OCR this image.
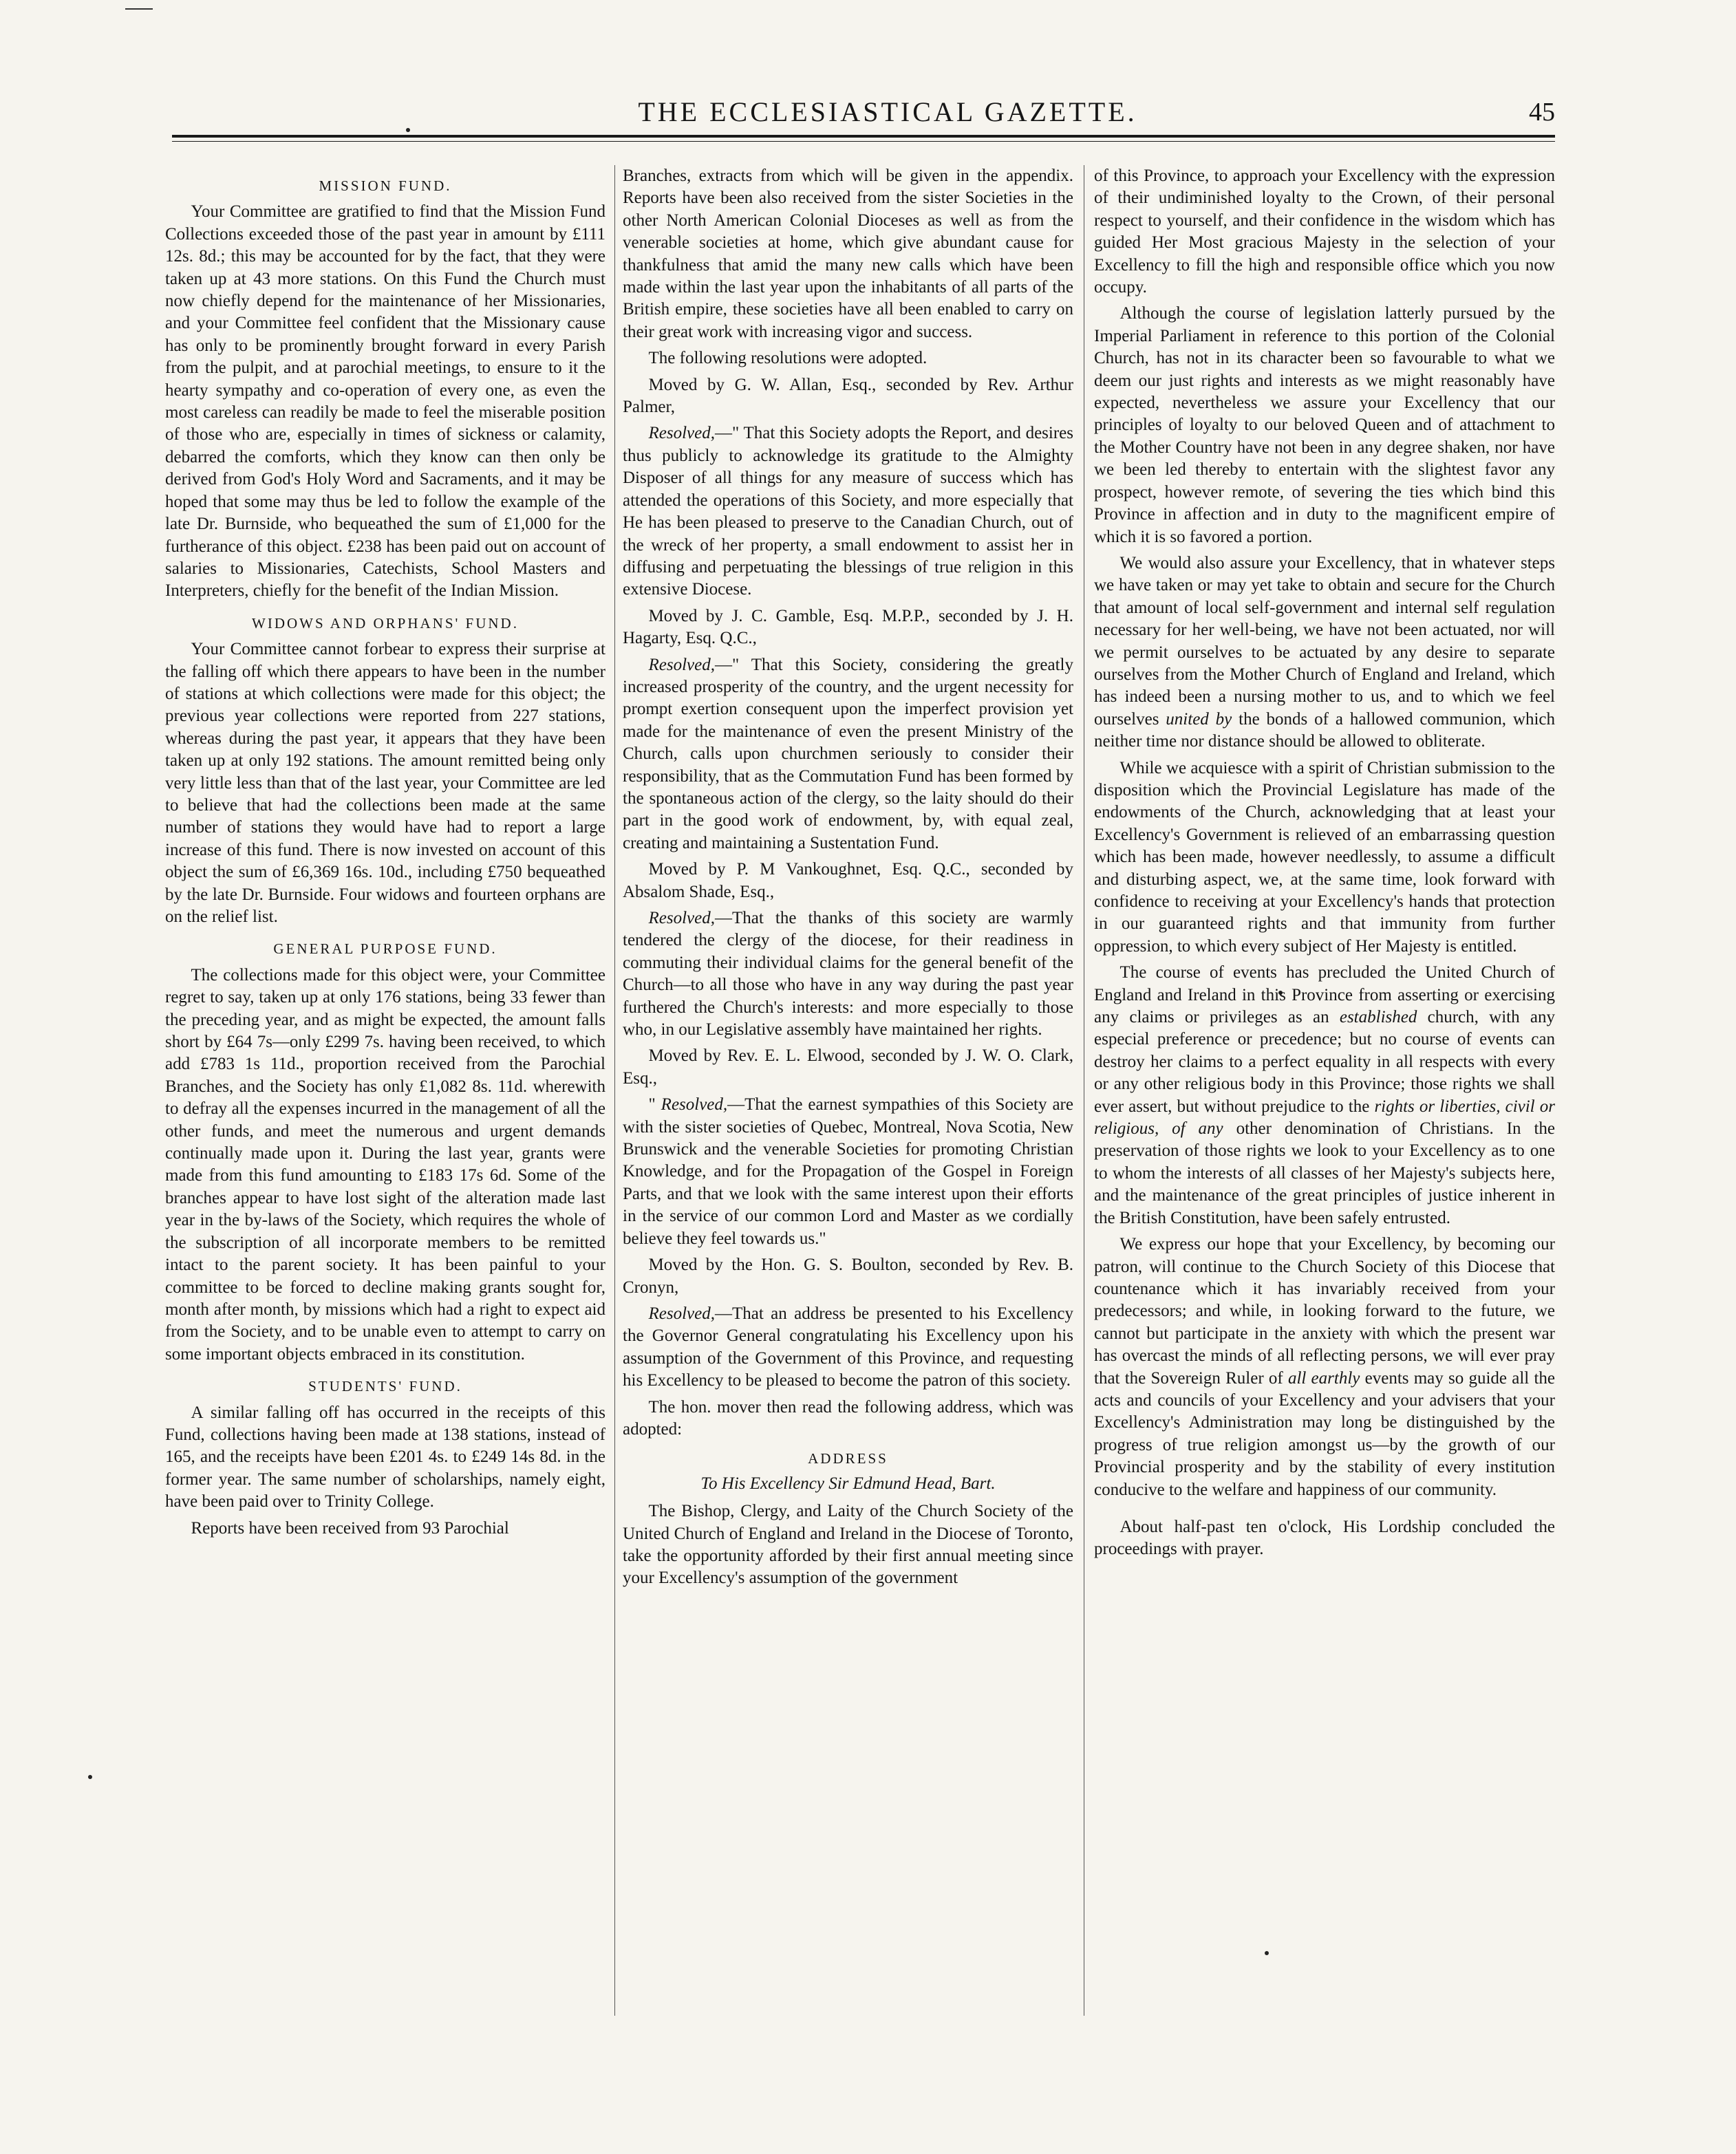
THE ECCLESIASTICAL GAZETTE.	45
MISSION FUND.

Your Committee are gratified to find that the Mission Fund Collections exceeded those of the past year in amount by £111 12s. 8d.; this may be accounted for by the fact, that they were taken up at 43 more stations. On this Fund the Church must now chiefly depend for the maintenance of her Missionaries, and your Committee feel confident that the Missionary cause has only to be prominently brought forward in every Parish from the pulpit, and at parochial meetings, to ensure to it the hearty sympathy and co-operation of every one, as even the most careless can readily be made to feel the miserable position of those who are, especially in times of sickness or calamity, debarred the comforts, which they know can then only be derived from God's Holy Word and Sacraments, and it may be hoped that some may thus be led to follow the example of the late Dr. Burnside, who bequeathed the sum of £1,000 for the furtherance of this object. £238 has been paid out on account of salaries to Missionaries, Catechists, School Masters and Interpreters, chiefly for the benefit of the Indian Mission.

WIDOWS AND ORPHANS' FUND.

Your Committee cannot forbear to express their surprise at the falling off which there appears to have been in the number of stations at which collections were made for this object; the previous year collections were reported from 227 stations, whereas during the past year, it appears that they have been taken up at only 192 stations. The amount remitted being only very little less than that of the last year, your Committee are led to believe that had the collections been made at the same number of stations they would have had to report a large increase of this fund. There is now invested on account of this object the sum of £6,369 16s. 10d., including £750 bequeathed by the late Dr. Burnside. Four widows and fourteen orphans are on the relief list.

GENERAL PURPOSE FUND.

The collections made for this object were, your Committee regret to say, taken up at only 176 stations, being 33 fewer than the preceding year, and as might be expected, the amount falls short by £64 7s—only £299 7s. having been received, to which add £783 1s 11d., proportion received from the Parochial Branches, and the Society has only £1,082 8s. 11d. wherewith to defray all the expenses incurred in the management of all the other funds, and meet the numerous and urgent demands continually made upon it. During the last year, grants were made from this fund amounting to £183 17s 6d. Some of the branches appear to have lost sight of the alteration made last year in the by-laws of the Society, which requires the whole of the subscription of all incorporate members to be remitted intact to the parent society. It has been painful to your committee to be forced to decline making grants sought for, month after month, by missions which had a right to expect aid from the Society, and to be unable even to attempt to carry on some important objects embraced in its constitution.

STUDENTS' FUND.

A similar falling off has occurred in the receipts of this Fund, collections having been made at 138 stations, instead of 165, and the receipts have been £201 4s. to £249 14s 8d. in the former year. The same number of scholarships, namely eight, have been paid over to Trinity College.

Reports have been received from 93 Parochial

Branches, extracts from which will be given in the appendix. Reports have been also received from the sister Societies in the other North American Colonial Dioceses as well as from the venerable societies at home, which give abundant cause for thankfulness that amid the many new calls which have been made within the last year upon the inhabitants of all parts of the British empire, these societies have all been enabled to carry on their great work with increasing vigor and success.

The following resolutions were adopted.

Moved by G. W. Allan, Esq., seconded by Rev. Arthur Palmer,

Resolved,—" That this Society adopts the Report, and desires thus publicly to acknowledge its gratitude to the Almighty Disposer of all things for any measure of success which has attended the operations of this Society, and more especially that He has been pleased to preserve to the Canadian Church, out of the wreck of her property, a small endowment to assist her in diffusing and perpetuating the blessings of true religion in this extensive Diocese.

Moved by J. C. Gamble, Esq. M.P.P., seconded by J. H. Hagarty, Esq. Q.C.,

Resolved,—" That this Society, considering the greatly increased prosperity of the country, and the urgent necessity for prompt exertion consequent upon the imperfect provision yet made for the maintenance of even the present Ministry of the Church, calls upon churchmen seriously to consider their responsibility, that as the Commutation Fund has been formed by the spontaneous action of the clergy, so the laity should do their part in the good work of endowment, by, with equal zeal, creating and maintaining a Sustentation Fund.

Moved by P. M Vankoughnet, Esq. Q.C., seconded by Absalom Shade, Esq.,

Resolved,—That the thanks of this society are warmly tendered the clergy of the diocese, for their readiness in commuting their individual claims for the general benefit of the Church—to all those who have in any way during the past year furthered the Church's interests: and more especially to those who, in our Legislative assembly have maintained her rights.

Moved by Rev. E. L. Elwood, seconded by J. W. O. Clark, Esq.,

" Resolved,—That the earnest sympathies of this Society are with the sister societies of Quebec, Montreal, Nova Scotia, New Brunswick and the venerable Societies for promoting Christian Knowledge, and for the Propagation of the Gospel in Foreign Parts, and that we look with the same interest upon their efforts in the service of our common Lord and Master as we cordially believe they feel towards us."

Moved by the Hon. G. S. Boulton, seconded by Rev. B. Cronyn,

Resolved,—That an address be presented to his Excellency the Governor General congratulating his Excellency upon his assumption of the Government of this Province, and requesting his Excellency to be pleased to become the patron of this society.

The hon. mover then read the following address, which was adopted:

ADDRESS
To His Excellency Sir Edmund Head, Bart.

The Bishop, Clergy, and Laity of the Church Society of the United Church of England and Ireland in the Diocese of Toronto, take the opportunity afforded by their first annual meeting since your Excellency's assumption of the government

of this Province, to approach your Excellency with the expression of their undiminished loyalty to the Crown, of their personal respect to yourself, and their confidence in the wisdom which has guided Her Most gracious Majesty in the selection of your Excellency to fill the high and responsible office which you now occupy.

Although the course of legislation latterly pursued by the Imperial Parliament in reference to this portion of the Colonial Church, has not in its character been so favourable to what we deem our just rights and interests as we might reasonably have expected, nevertheless we assure your Excellency that our principles of loyalty to our beloved Queen and of attachment to the Mother Country have not been in any degree shaken, nor have we been led thereby to entertain with the slightest favor any prospect, however remote, of severing the ties which bind this Province in affection and in duty to the magnificent empire of which it is so favored a portion.

We would also assure your Excellency, that in whatever steps we have taken or may yet take to obtain and secure for the Church that amount of local self-government and internal self regulation necessary for her well-being, we have not been actuated, nor will we permit ourselves to be actuated by any desire to separate ourselves from the Mother Church of England and Ireland, which has indeed been a nursing mother to us, and to which we feel ourselves united by the bonds of a hallowed communion, which neither time nor distance should be allowed to obliterate.

While we acquiesce with a spirit of Christian submission to the disposition which the Provincial Legislature has made of the endowments of the Church, acknowledging that at least your Excellency's Government is relieved of an embarrassing question which has been made, however needlessly, to assume a difficult and disturbing aspect, we, at the same time, look forward with confidence to receiving at your Excellency's hands that protection in our guaranteed rights and that immunity from further oppression, to which every subject of Her Majesty is entitled.

The course of events has precluded the United Church of England and Ireland in this Province from asserting or exercising any claims or privileges as an established church, with any especial preference or precedence; but no course of events can destroy her claims to a perfect equality in all respects with every or any other religious body in this Province; those rights we shall ever assert, but without prejudice to the rights or liberties, civil or religious, of any other denomination of Christians. In the preservation of those rights we look to your Excellency as to one to whom the interests of all classes of her Majesty's subjects here, and the maintenance of the great principles of justice inherent in the British Constitution, have been safely entrusted.

We express our hope that your Excellency, by becoming our patron, will continue to the Church Society of this Diocese that countenance which it has invariably received from your predecessors; and while, in looking forward to the future, we cannot but participate in the anxiety with which the present war has overcast the minds of all reflecting persons, we will ever pray that the Sovereign Ruler of all earthly events may so guide all the acts and councils of your Excellency and your advisers that your Excellency's Administration may long be distinguished by the progress of true religion amongst us—by the growth of our Provincial prosperity and by the stability of every institution conducive to the welfare and happiness of our community.

About half-past ten o'clock, His Lordship concluded the proceedings with prayer.
